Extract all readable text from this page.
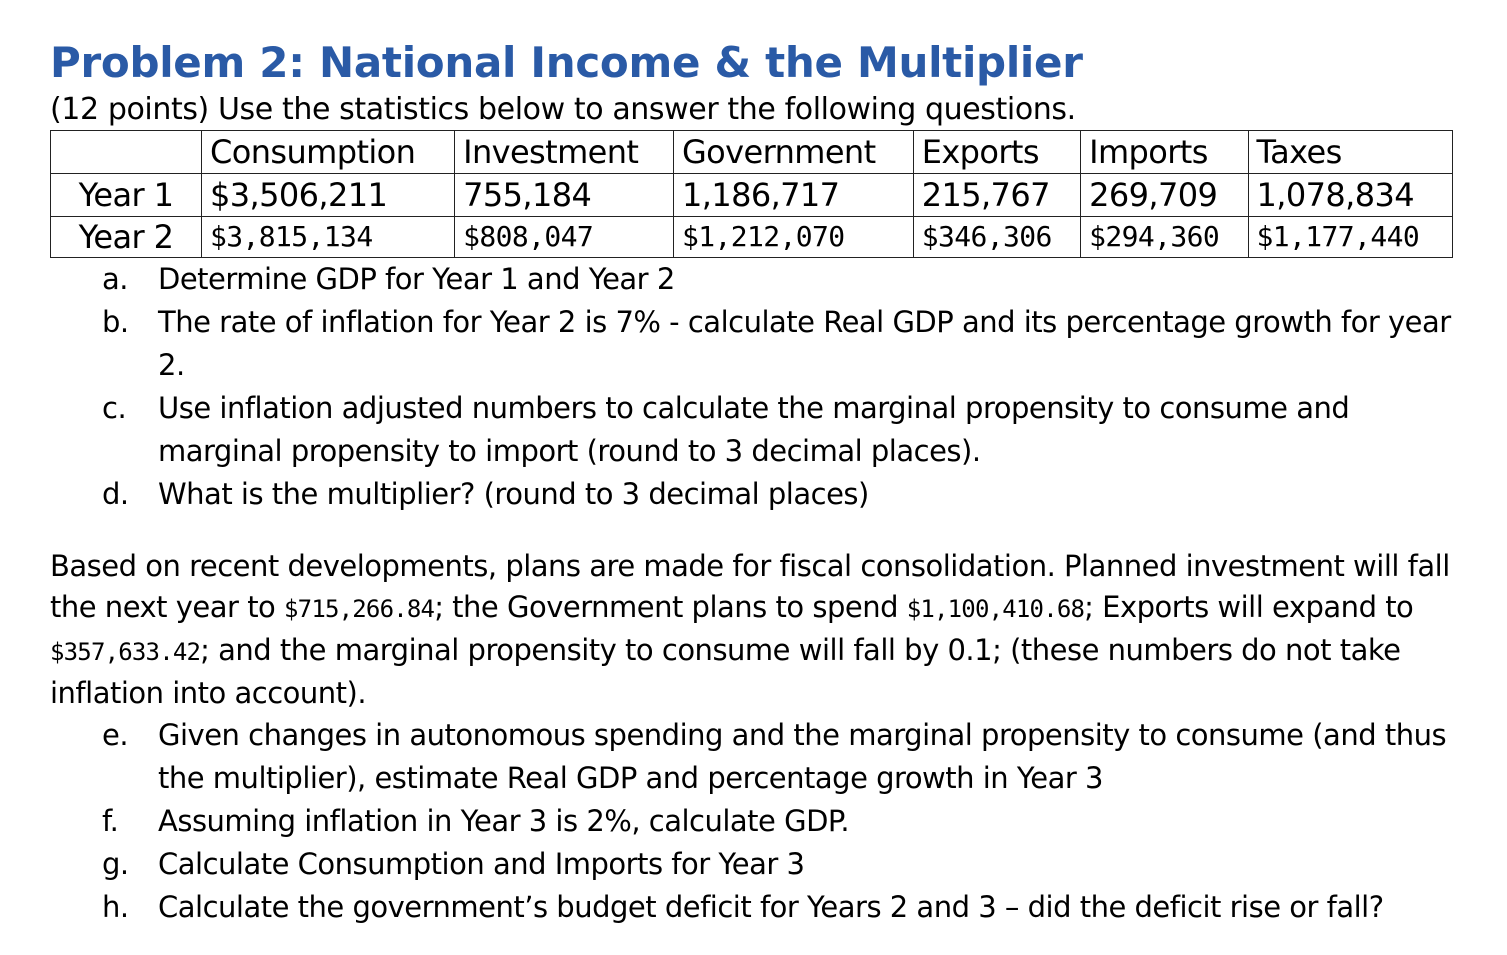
Problem 2: National Income & the Multiplier

(12 points) Use the statistics below to answer the following questions.

	Consumption	Investment	Government	Exports	Imports	Taxes
Year 1	$3,506,211	755,184	1,186,717	215,767	269,709	1,078,834
Year 2	$3,815,134	$808,047	$1,212,070	$346,306	$294,360	$1,177,440
a.	Determine GDP for Year 1 and Year 2
b.	The rate of inflation for Year 2 is 7% - calculate Real GDP and its percentage growth for year 2.
c.	Use inflation adjusted numbers to calculate the marginal propensity to consume and marginal propensity to import (round to 3 decimal places).
d.	What is the multiplier? (round to 3 decimal places)

Based on recent developments, plans are made for fiscal consolidation. Planned investment will fall the next year to $715,266.84; the Government plans to spend $1,100,410.68; Exports will expand to $357,633.42; and the marginal propensity to consume will fall by 0.1; (these numbers do not take inflation into account).

e.	Given changes in autonomous spending and the marginal propensity to consume (and thus the multiplier), estimate Real GDP and percentage growth in Year 3
f.	Assuming inflation in Year 3 is 2%, calculate GDP.
g.	Calculate Consumption and Imports for Year 3
h.	Calculate the government’s budget deficit for Years 2 and 3 – did the deficit rise or fall?
